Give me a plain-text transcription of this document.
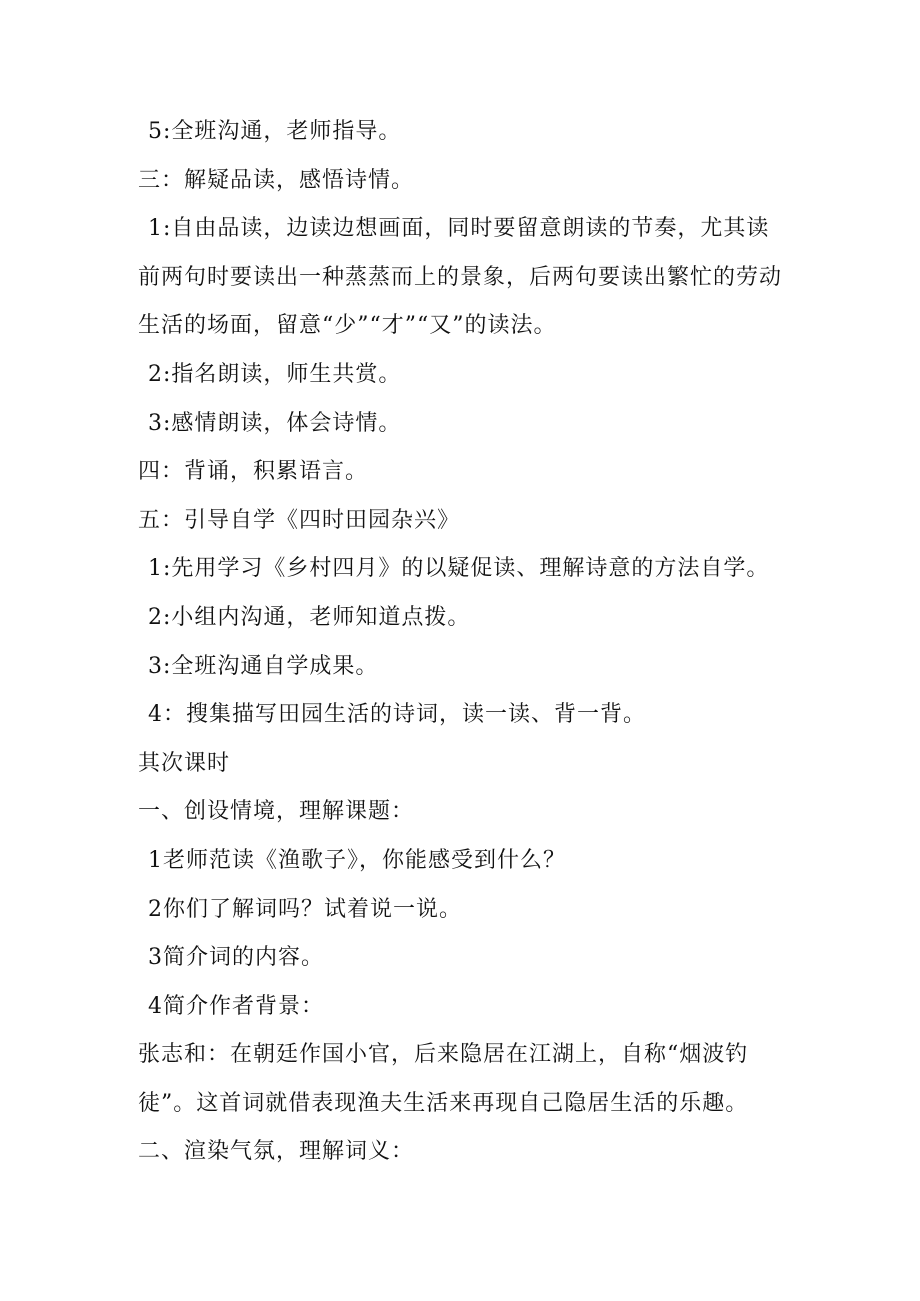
5:全班沟通，老师指导。
三：解疑品读，感悟诗情。
1:自由品读，边读边想画面，同时要留意朗读的节奏，尤其读
前两句时要读出一种蒸蒸而上的景象，后两句要读出繁忙的劳动
生活的场面，留意“少”“才”“又”的读法。
2:指名朗读，师生共赏。
3:感情朗读，体会诗情。
四：背诵，积累语言。
五：引导自学《四时田园杂兴》
1:先用学习《乡村四月》的以疑促读、理解诗意的方法自学。
2:小组内沟通，老师知道点拨。
3:全班沟通自学成果。
4：搜集描写田园生活的诗词，读一读、背一背。
其次课时
一、创设情境，理解课题：
1老师范读《渔歌子》，你能感受到什么？
2你们了解词吗？试着说一说。
3简介词的内容。
4简介作者背景：
张志和：在朝廷作国小官，后来隐居在江湖上，自称“烟波钓
徒”。这首词就借表现渔夫生活来再现自己隐居生活的乐趣。
二、渲染气氛，理解词义：
